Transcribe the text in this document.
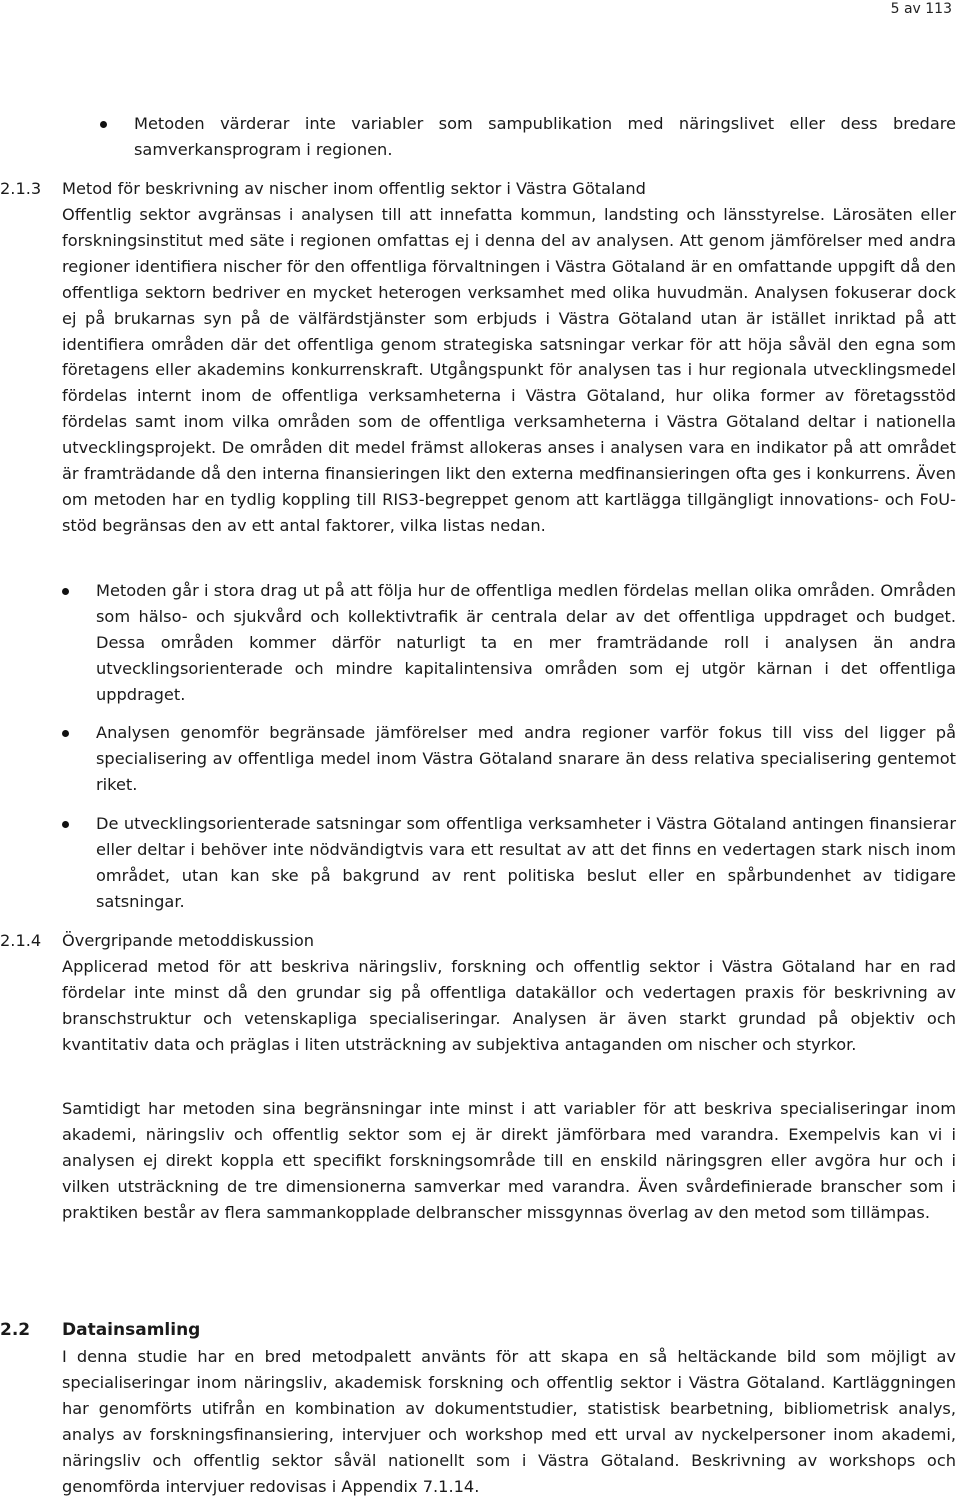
5 av 113

Metoden värderar inte variabler som sampublikation med näringslivet eller dess bredare samverkansprogram i regionen.

2.1.3 Metod för beskrivning av nischer inom offentlig sektor i Västra Götaland

Offentlig sektor avgränsas i analysen till att innefatta kommun, landsting och länsstyrelse. Lärosäten eller forskningsinstitut med säte i regionen omfattas ej i denna del av analysen. Att genom jämförelser med andra regioner identifiera nischer för den offentliga förvaltningen i Västra Götaland är en omfattande uppgift då den offentliga sektorn bedriver en mycket heterogen verksamhet med olika huvudmän. Analysen fokuserar dock ej på brukarnas syn på de välfärdstjänster som erbjuds i Västra Götaland utan är istället inriktad på att identifiera områden där det offentliga genom strategiska satsningar verkar för att höja såväl den egna som företagens eller akademins konkurrenskraft. Utgångspunkt för analysen tas i hur regionala utvecklingsmedel fördelas internt inom de offentliga verksamheterna i Västra Götaland, hur olika former av företagsstöd fördelas samt inom vilka områden som de offentliga verksamheterna i Västra Götaland deltar i nationella utvecklingsprojekt. De områden dit medel främst allokeras anses i analysen vara en indikator på att området är framträdande då den interna finansieringen likt den externa medfinansieringen ofta ges i konkurrens. Även om metoden har en tydlig koppling till RIS3-begreppet genom att kartlägga tillgängligt innovations- och FoU-stöd begränsas den av ett antal faktorer, vilka listas nedan.

Metoden går i stora drag ut på att följa hur de offentliga medlen fördelas mellan olika områden. Områden som hälso- och sjukvård och kollektivtrafik är centrala delar av det offentliga uppdraget och budget. Dessa områden kommer därför naturligt ta en mer framträdande roll i analysen än andra utvecklingsorienterade och mindre kapitalintensiva områden som ej utgör kärnan i det offentliga uppdraget.

Analysen genomför begränsade jämförelser med andra regioner varför fokus till viss del ligger på specialisering av offentliga medel inom Västra Götaland snarare än dess relativa specialisering gentemot riket.

De utvecklingsorienterade satsningar som offentliga verksamheter i Västra Götaland antingen finansierar eller deltar i behöver inte nödvändigtvis vara ett resultat av att det finns en vedertagen stark nisch inom området, utan kan ske på bakgrund av rent politiska beslut eller en spårbundenhet av tidigare satsningar.

2.1.4 Övergripande metoddiskussion

Applicerad metod för att beskriva näringsliv, forskning och offentlig sektor i Västra Götaland har en rad fördelar inte minst då den grundar sig på offentliga datakällor och vedertagen praxis för beskrivning av branschstruktur och vetenskapliga specialiseringar. Analysen är även starkt grundad på objektiv och kvantitativ data och präglas i liten utsträckning av subjektiva antaganden om nischer och styrkor.

Samtidigt har metoden sina begränsningar inte minst i att variabler för att beskriva specialiseringar inom akademi, näringsliv och offentlig sektor som ej är direkt jämförbara med varandra. Exempelvis kan vi i analysen ej direkt koppla ett specifikt forskningsområde till en enskild näringsgren eller avgöra hur och i vilken utsträckning de tre dimensionerna samverkar med varandra. Även svårdefinierade branscher som i praktiken består av flera sammankopplade delbranscher missgynnas överlag av den metod som tillämpas.

2.2 Datainsamling

I denna studie har en bred metodpalett använts för att skapa en så heltäckande bild som möjligt av specialiseringar inom näringsliv, akademisk forskning och offentlig sektor i Västra Götaland. Kartläggningen har genomförts utifrån en kombination av dokumentstudier, statistisk bearbetning, bibliometrisk analys, analys av forskningsfinansiering, intervjuer och workshop med ett urval av nyckelpersoner inom akademi, näringsliv och offentlig sektor såväl nationellt som i Västra Götaland. Beskrivning av workshops och genomförda intervjuer redovisas i Appendix 7.1.14.
